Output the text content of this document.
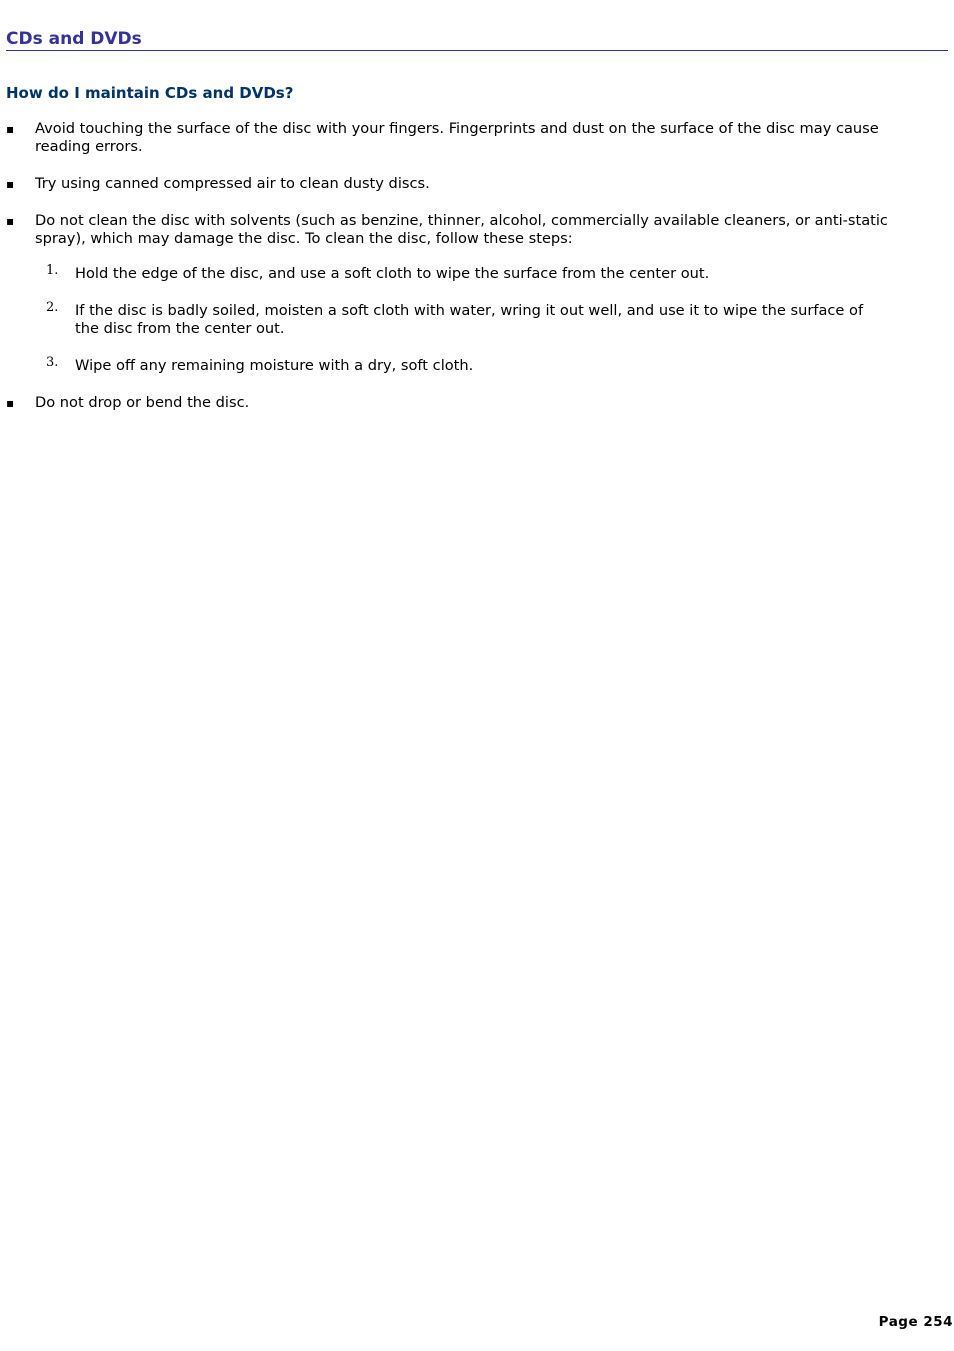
CDs and DVDs
How do I maintain CDs and DVDs?
▪ Avoid touching the surface of the disc with your fingers. Fingerprints and dust on the surface of the disc may cause reading errors.
▪ Try using canned compressed air to clean dusty discs.
▪ Do not clean the disc with solvents (such as benzine, thinner, alcohol, commercially available cleaners, or anti-static spray), which may damage the disc. To clean the disc, follow these steps:
1. Hold the edge of the disc, and use a soft cloth to wipe the surface from the center out.
2. If the disc is badly soiled, moisten a soft cloth with water, wring it out well, and use it to wipe the surface of the disc from the center out.
3. Wipe off any remaining moisture with a dry, soft cloth.
▪ Do not drop or bend the disc.
Page 254
